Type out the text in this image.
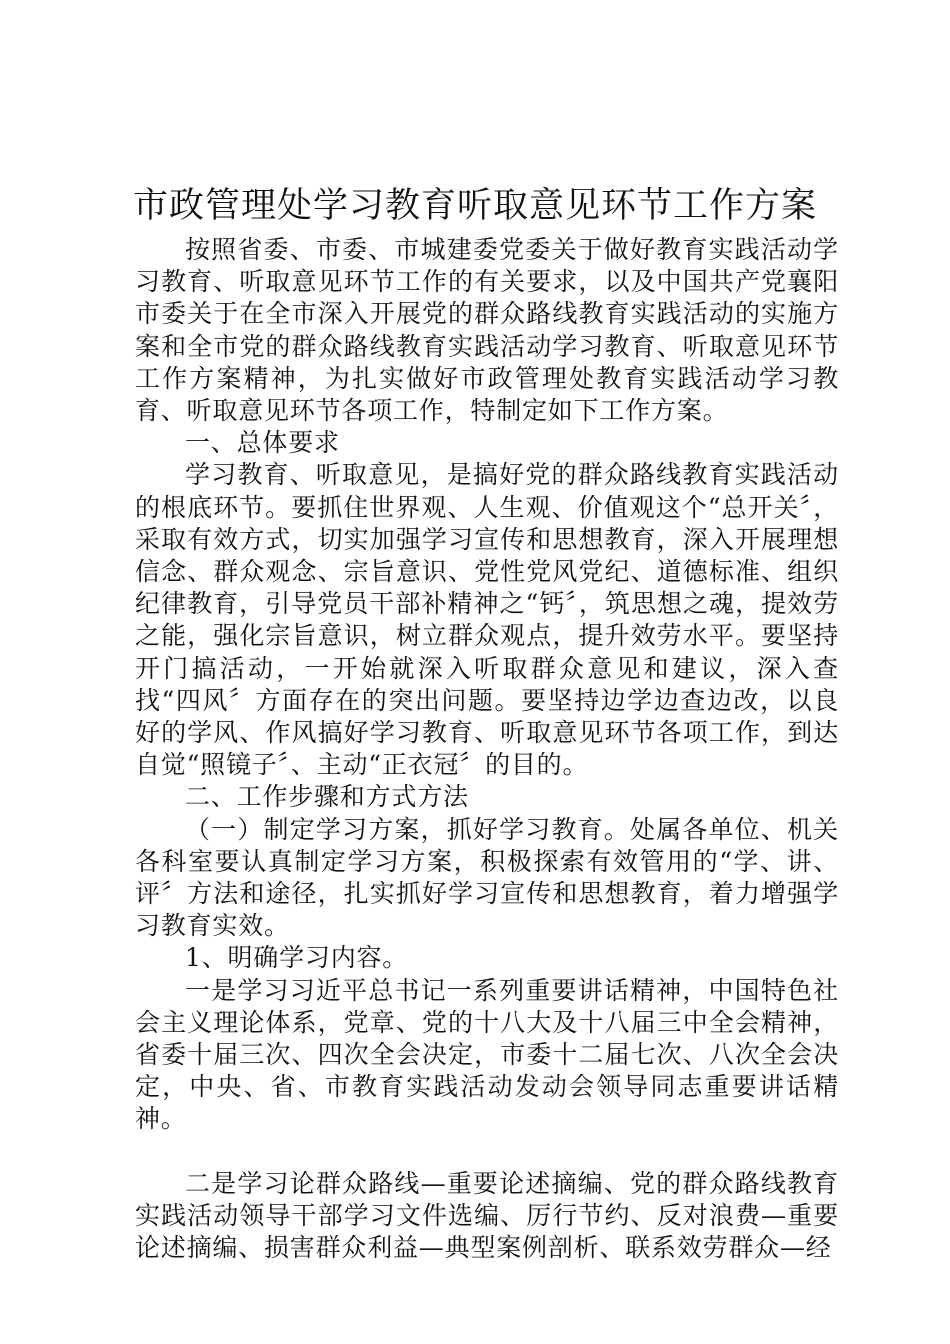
市政管理处学习教育听取意见环节工作方案

按照省委、市委、市城建委党委关于做好教育实践活动学习教育、听取意见环节工作的有关要求，以及中国共产党襄阳市委关于在全市深入开展党的群众路线教育实践活动的实施方案和全市党的群众路线教育实践活动学习教育、听取意见环节工作方案精神，为扎实做好市政管理处教育实践活动学习教育、听取意见环节各项工作，特制定如下工作方案。

一、总体要求

学习教育、听取意见，是搞好党的群众路线教育实践活动的根底环节。要抓住世界观、人生观、价值观这个“总开关〞，采取有效方式，切实加强学习宣传和思想教育，深入开展理想信念、群众观念、宗旨意识、党性党风党纪、道德标准、组织纪律教育，引导党员干部补精神之“钙〞，筑思想之魂，提效劳之能，强化宗旨意识，树立群众观点，提升效劳水平。要坚持开门搞活动，一开始就深入听取群众意见和建议，深入查找“四风〞方面存在的突出问题。要坚持边学边查边改，以良好的学风、作风搞好学习教育、听取意见环节各项工作，到达自觉“照镜子〞、主动“正衣冠〞的目的。

二、工作步骤和方式方法

（一）制定学习方案，抓好学习教育。处属各单位、机关各科室要认真制定学习方案，积极探索有效管用的“学、讲、评〞方法和途径，扎实抓好学习宣传和思想教育，着力增强学习教育实效。

1、明确学习内容。

一是学习习近平总书记一系列重要讲话精神，中国特色社会主义理论体系，党章、党的十八大及十八届三中全会精神，省委十届三次、四次全会决定，市委十二届七次、八次全会决定，中央、省、市教育实践活动发动会领导同志重要讲话精神。

二是学习论群众路线—重要论述摘编、党的群众路线教育实践活动领导干部学习文件选编、厉行节约、反对浪费—重要论述摘编、损害群众利益—典型案例剖析、联系效劳群众—经
